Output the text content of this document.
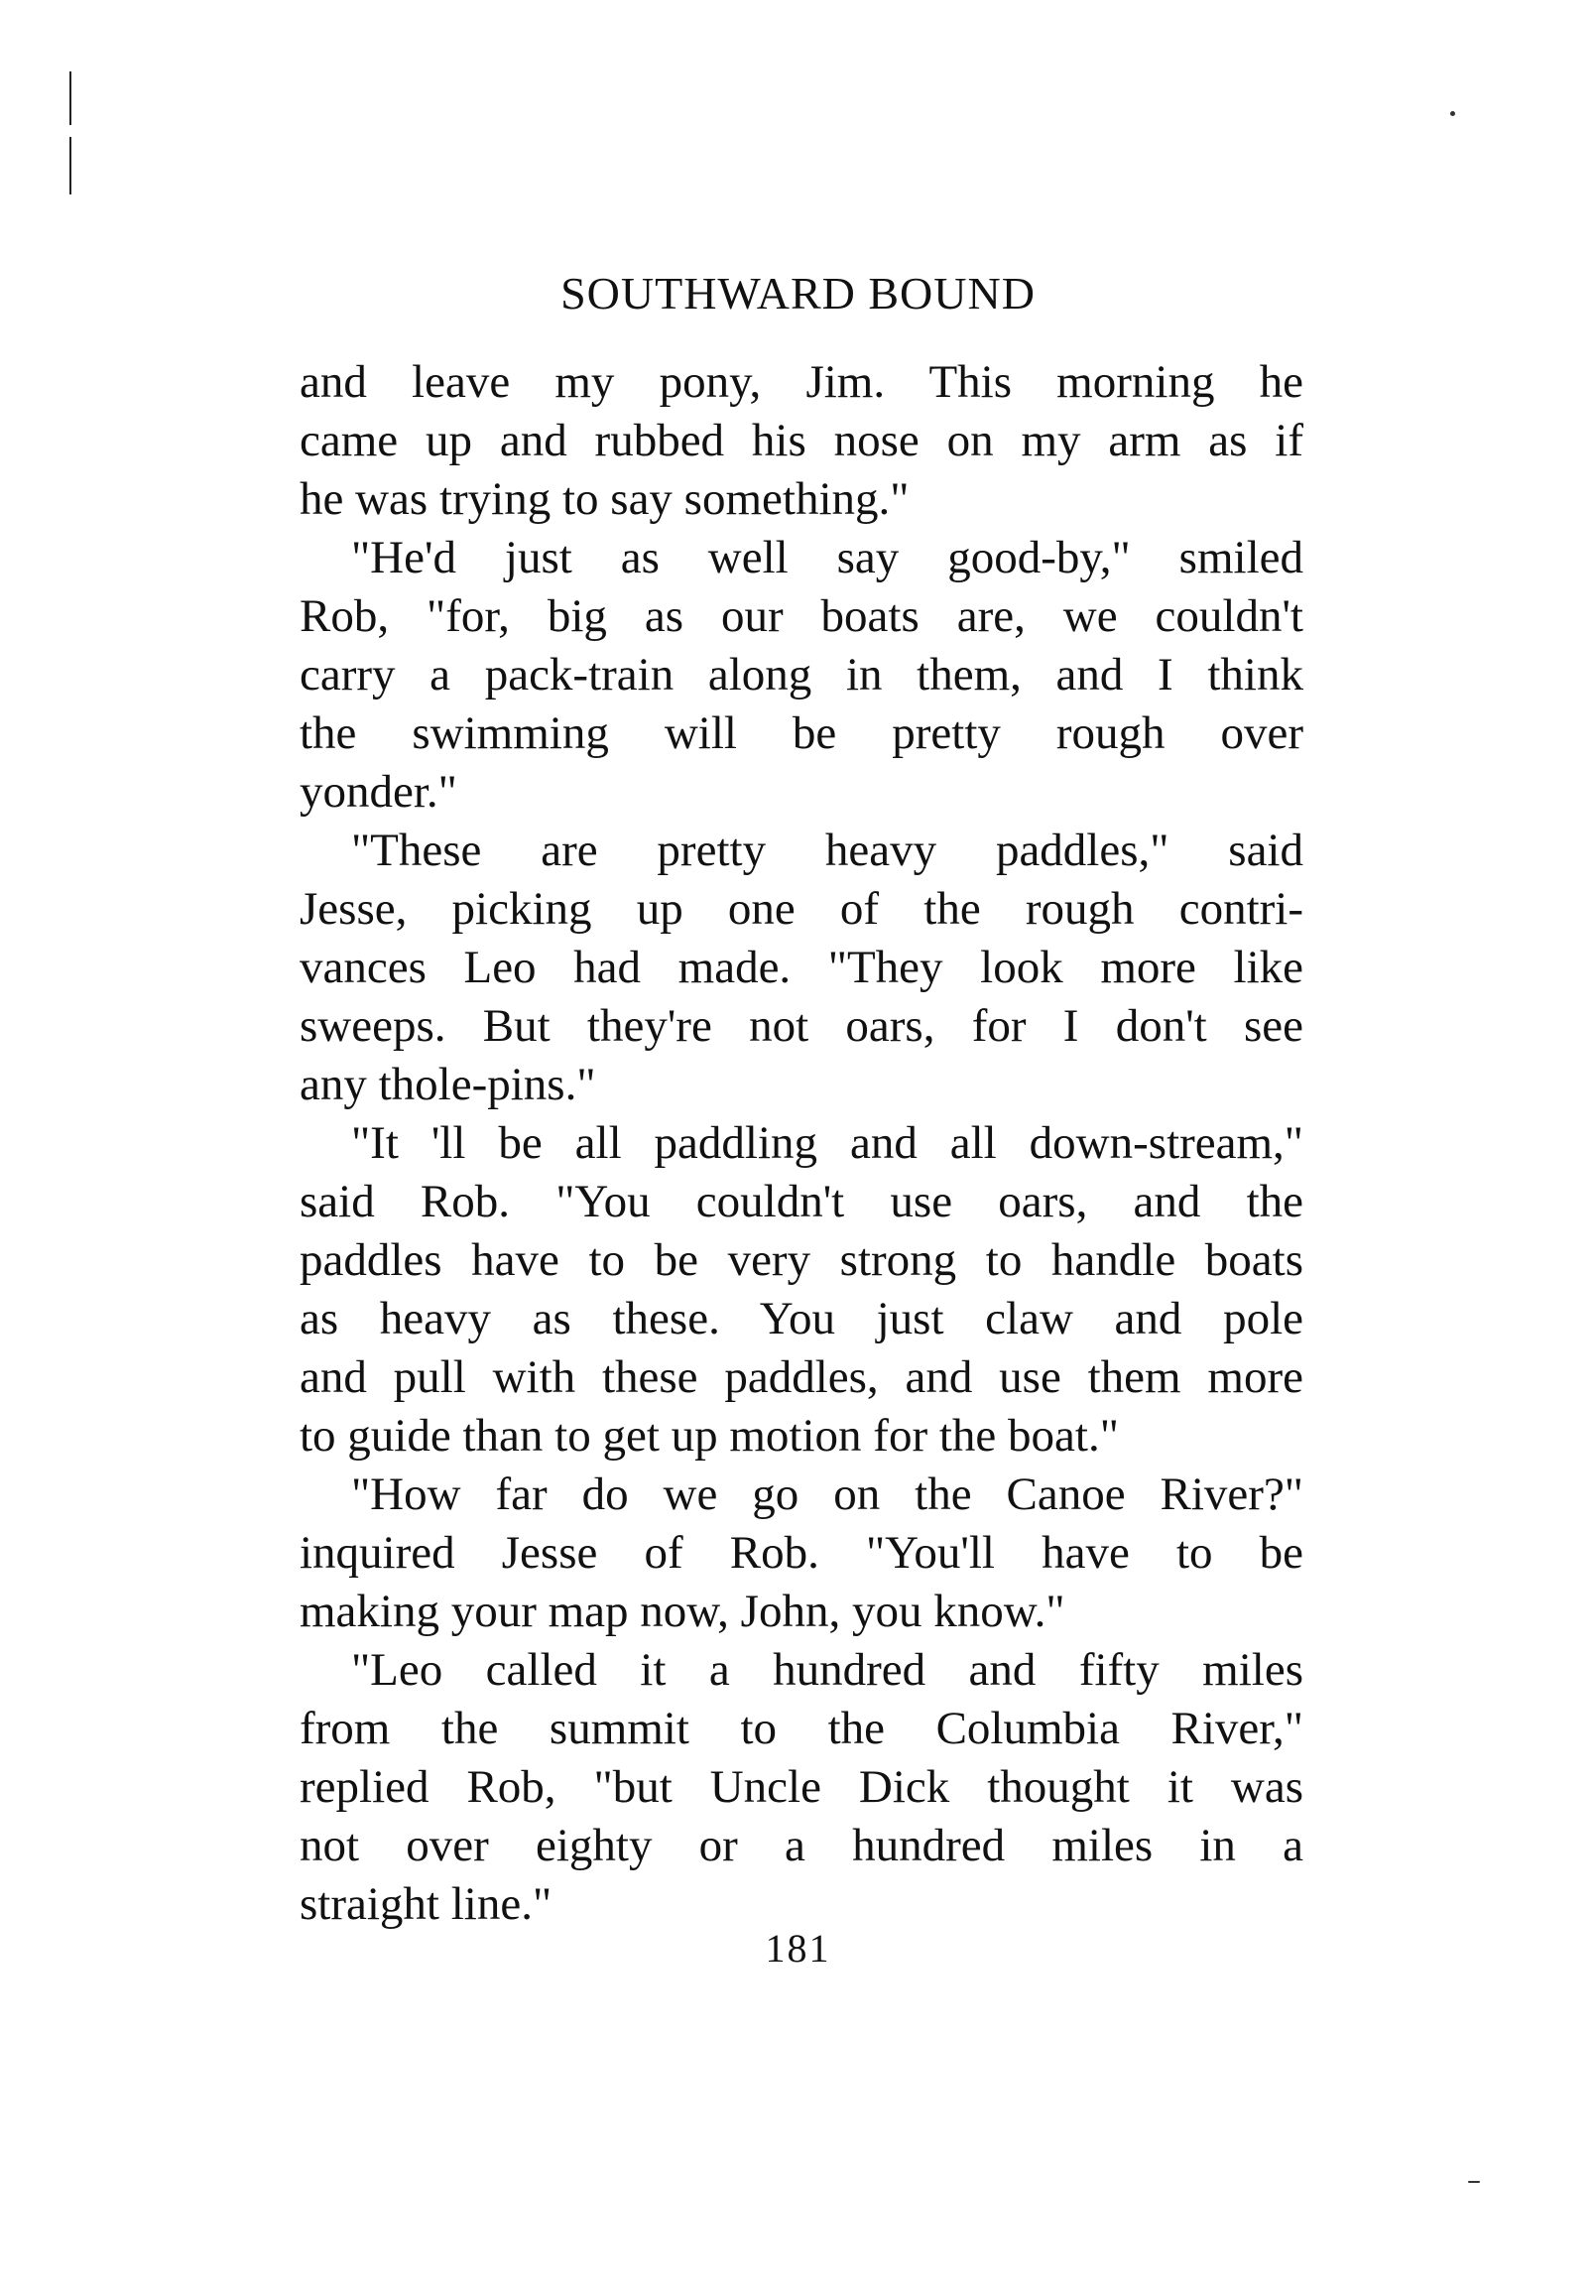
SOUTHWARD BOUND
and leave my pony, Jim. This morning he
came up and rubbed his nose on my arm as if
he was trying to say something."
"He'd just as well say good-by," smiled
Rob, "for, big as our boats are, we couldn't
carry a pack-train along in them, and I think
the swimming will be pretty rough over
yonder."
"These are pretty heavy paddles," said
Jesse, picking up one of the rough contri-
vances Leo had made. "They look more like
sweeps. But they're not oars, for I don't see
any thole-pins."
"It 'll be all paddling and all down-stream,"
said Rob. "You couldn't use oars, and the
paddles have to be very strong to handle boats
as heavy as these. You just claw and pole
and pull with these paddles, and use them more
to guide than to get up motion for the boat."
"How far do we go on the Canoe River?"
inquired Jesse of Rob. "You'll have to be
making your map now, John, you know."
"Leo called it a hundred and fifty miles
from the summit to the Columbia River,"
replied Rob, "but Uncle Dick thought it was
not over eighty or a hundred miles in a
straight line."
181
